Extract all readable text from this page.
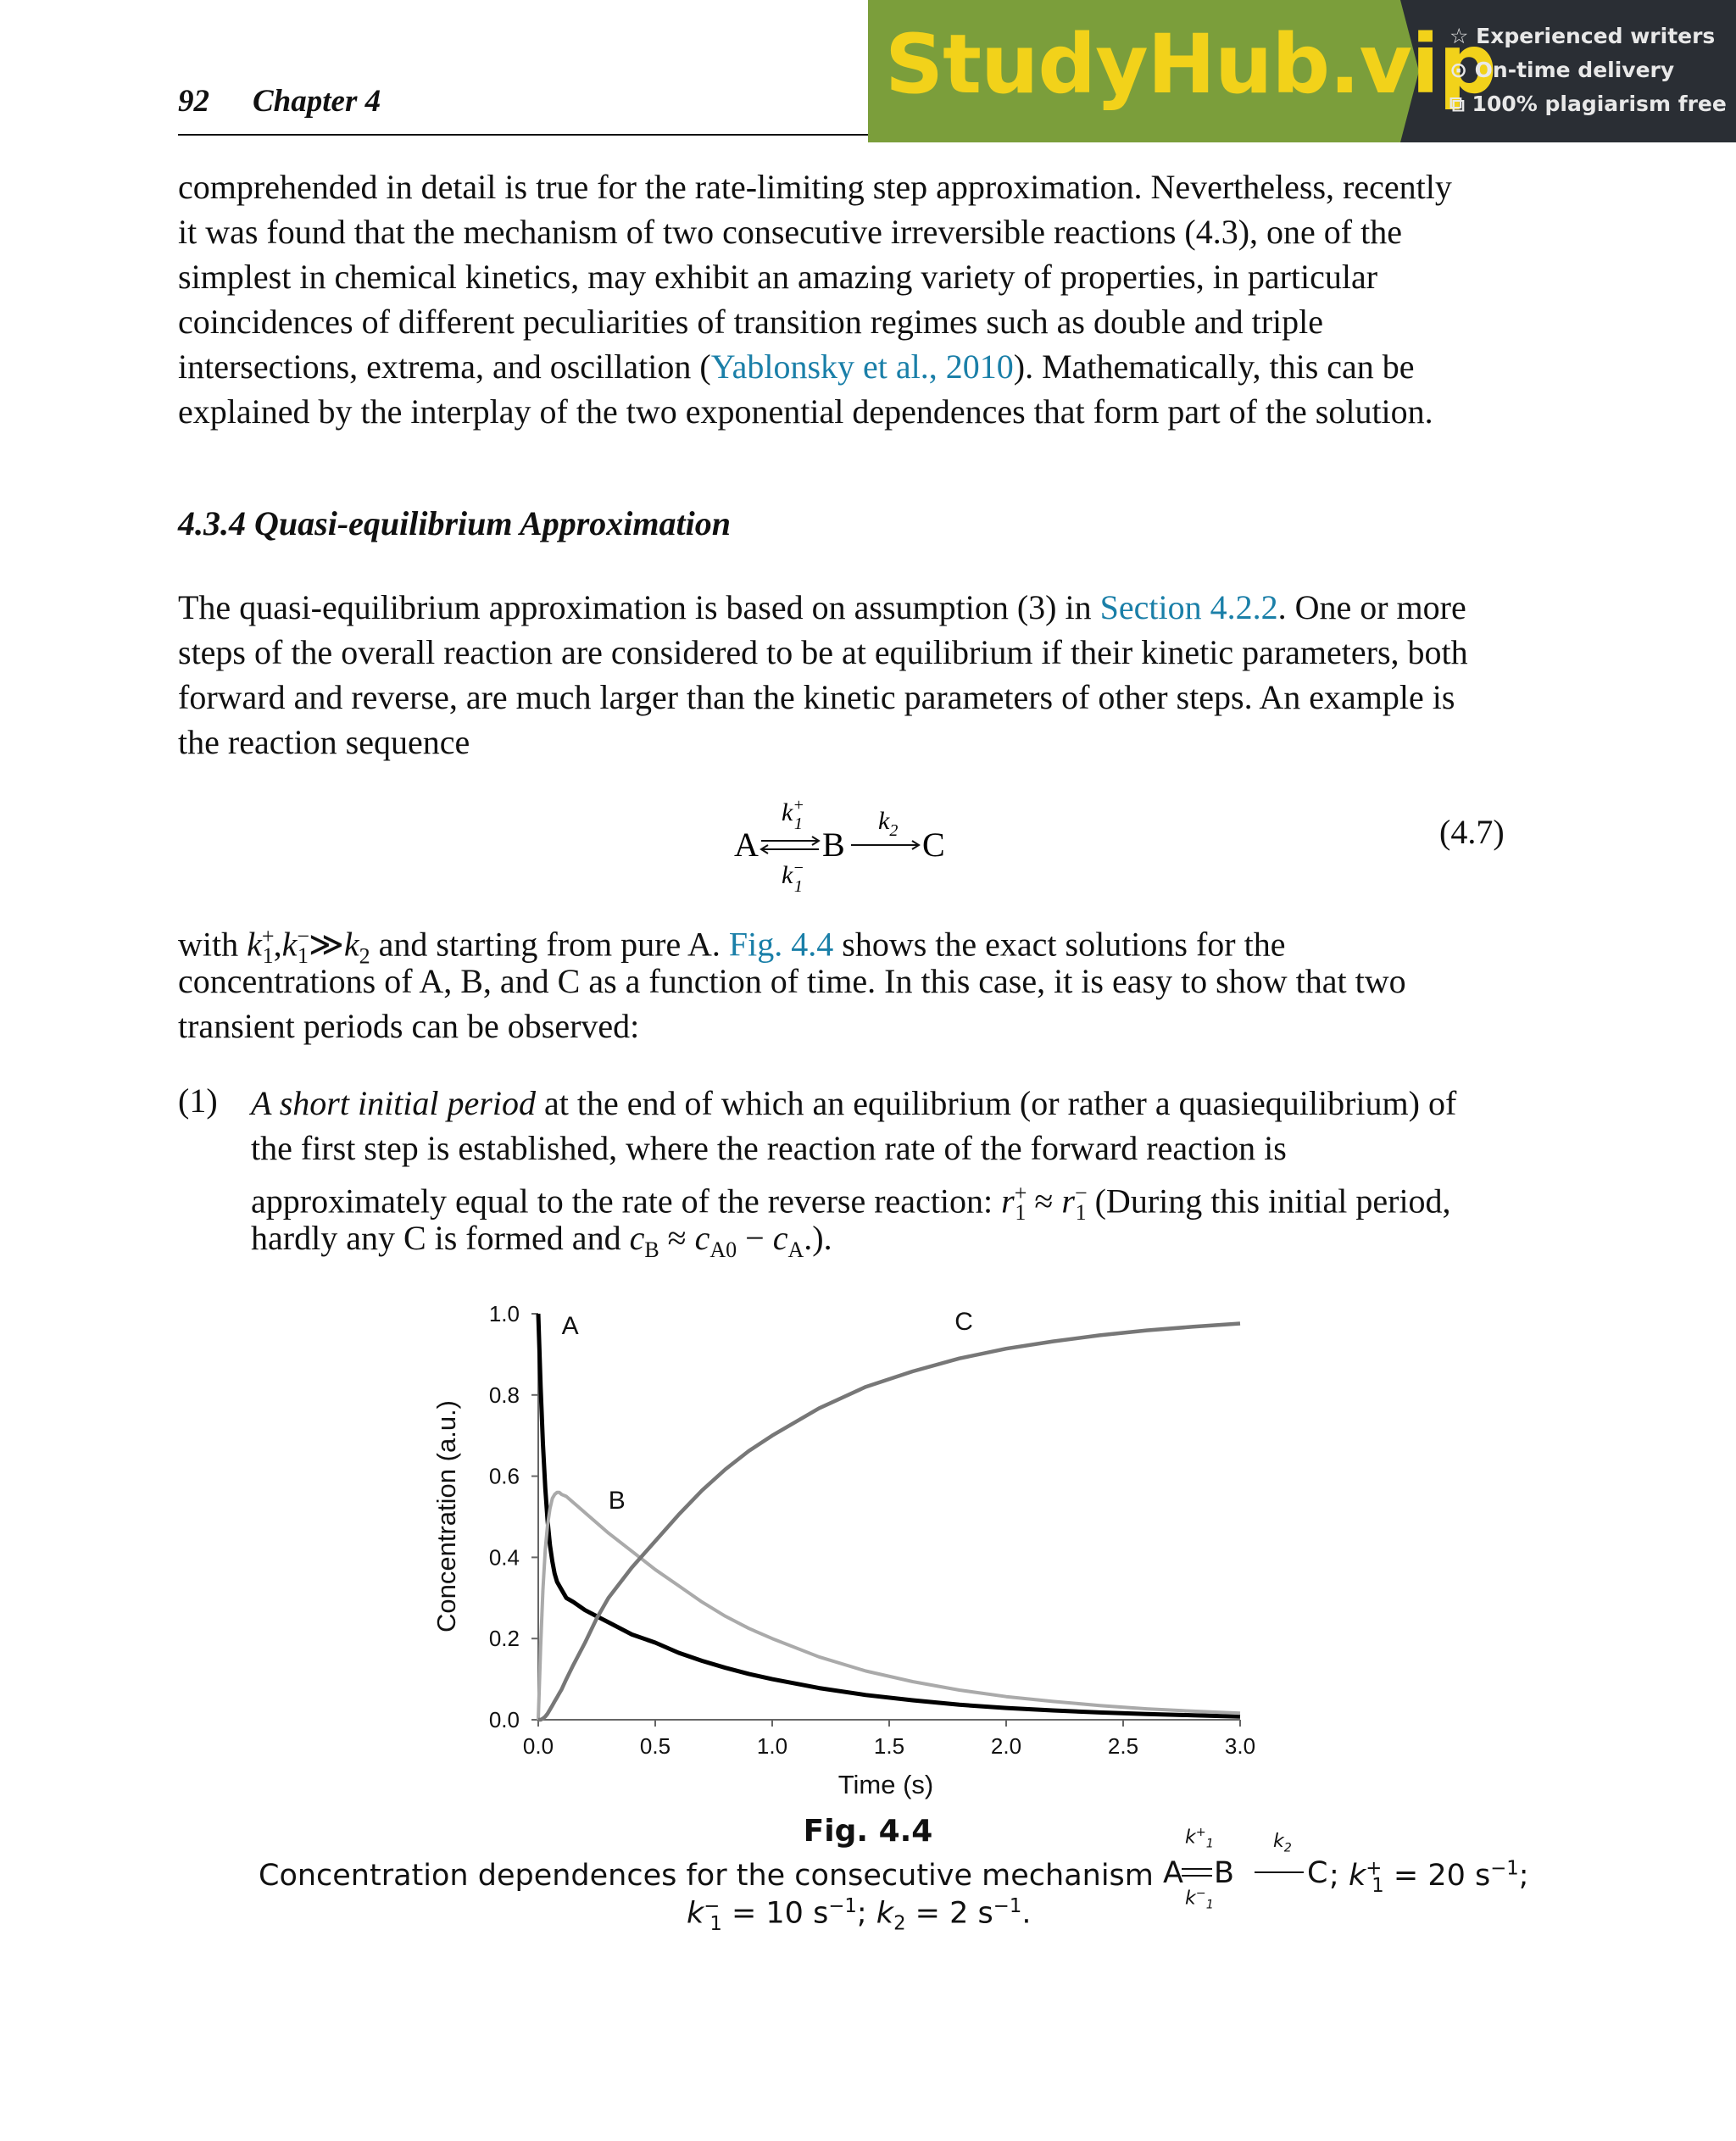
92 Chapter 4	StudyHub.vip
☆ Experienced writers
⊙ On-time delivery
⧉ 100% plagiarism free
comprehended in detail is true for the rate-limiting step approximation. Nevertheless, recently
it was found that the mechanism of two consecutive irreversible reactions (4.3), one of the
simplest in chemical kinetics, may exhibit an amazing variety of properties, in particular
coincidences of different peculiarities of transition regimes such as double and triple
intersections, extrema, and oscillation (Yablonsky et al., 2010). Mathematically, this can be
explained by the interplay of the two exponential dependences that form part of the solution.
4.3.4 Quasi-equilibrium Approximation
The quasi-equilibrium approximation is based on assumption (3) in Section 4.2.2. One or more
steps of the overall reaction are considered to be at equilibrium if their kinetic parameters, both
forward and reverse, are much larger than the kinetic parameters of other steps. An example is
the reaction sequence
A
k+ 1
k− 1
B
$k_2$ C	(4.7)
with $k^+_1,k^-_1≫k_2$ and starting from pure A. Fig. 4.4 shows the exact solutions for the
concentrations of A, B, and C as a function of time. In this case, it is easy to show that two
transient periods can be observed:
(1) A short initial period at the end of which an equilibrium (or rather a quasiequilibrium) of
the first step is established, where the reaction rate of the forward reaction is
approximately equal to the rate of the reverse reaction: $r^+_1 \approx r^-_1$ (During this initial period,
hardly any C is formed and $c_B \approx c_{A0} - c_A$.).
0.0	0.5	1.0	1.5	2.0	2.5	3.0
0.0
0.2
0.4
0.6
0.8
1.0 A
B
C
Time (s)
Concentration (a.u.)
Fig. 4.4
Concentration dependences for the consecutive mechanism A
$k^+_1$
$k^-_1$
B
$k_2$
C ; $k^+_1 = 20$ $s^{-1}$;
$k^-_1 = 10$ $s^{-1}$; $k_2 = 2$ $s^{-1}$.
